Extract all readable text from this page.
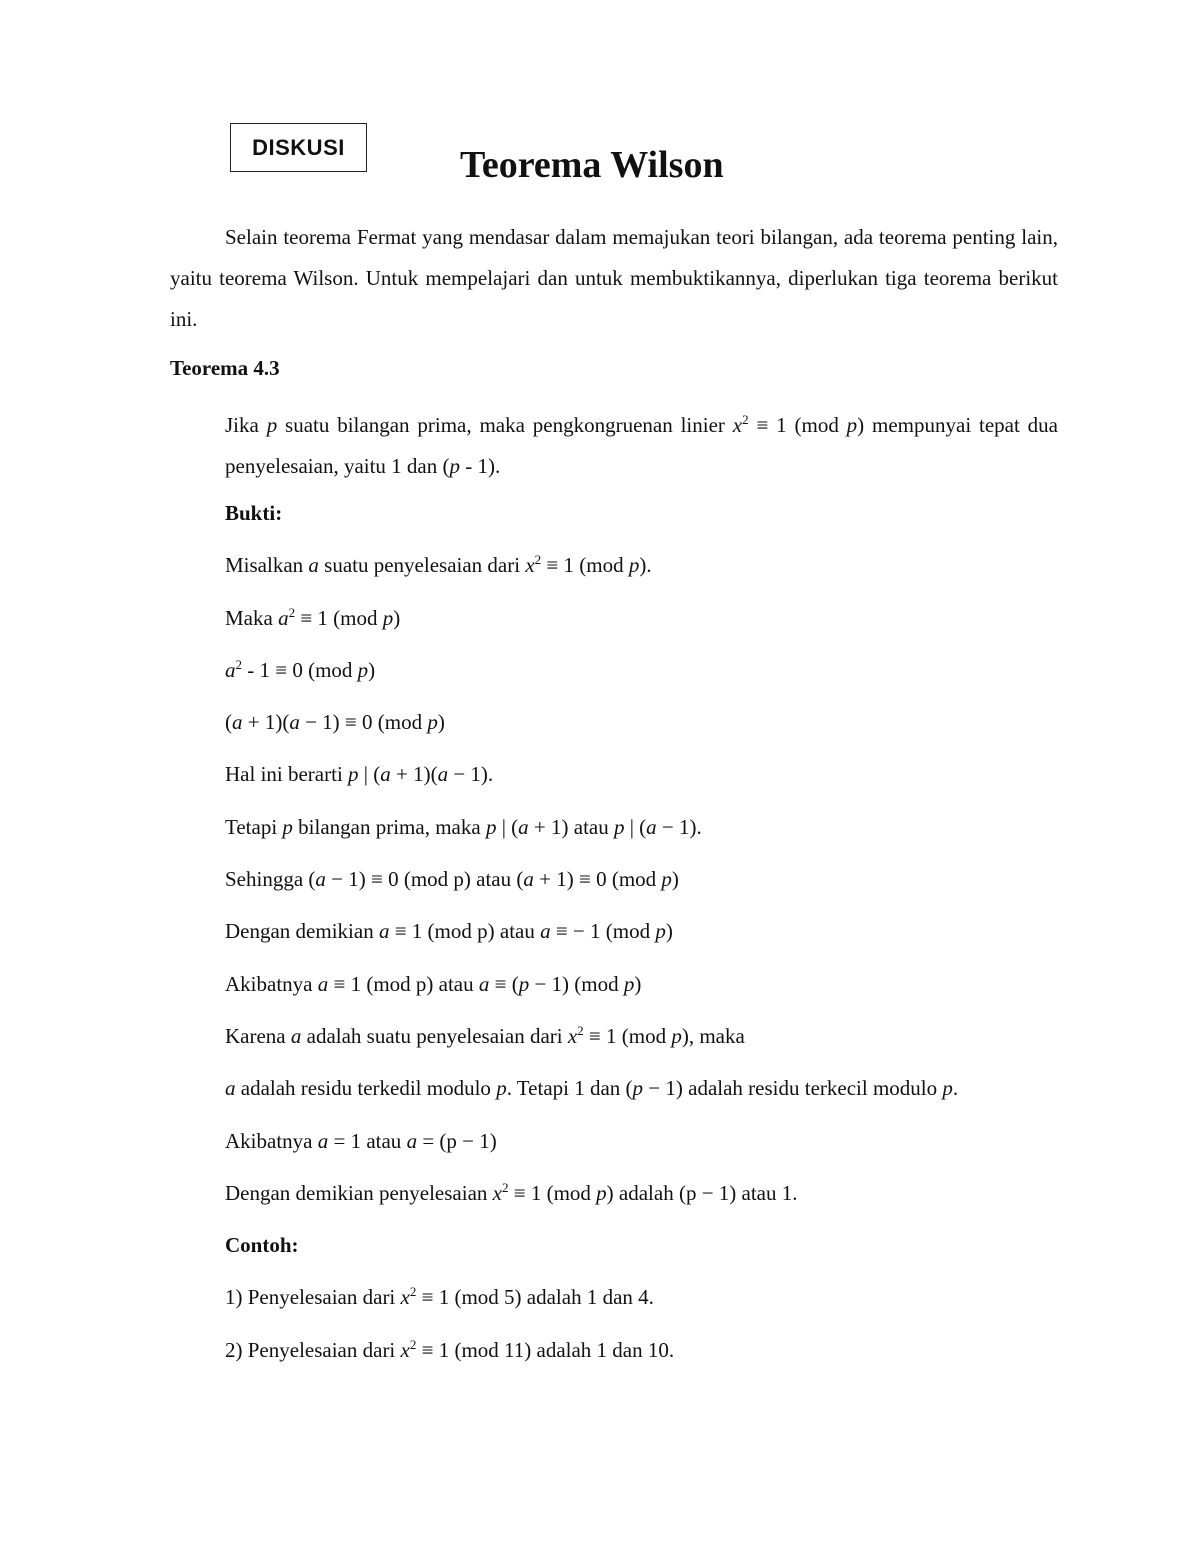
DISKUSI	Teorema Wilson

Selain teorema Fermat yang mendasar dalam memajukan teori bilangan, ada teorema penting lain, yaitu teorema Wilson. Untuk mempelajari dan untuk membuktikannya, diperlukan tiga teorema berikut ini.

Teorema 4.3

Jika p suatu bilangan prima, maka pengkongruenan linier $x^2 \equiv 1$ (mod p) mempunyai tepat dua penyelesaian, yaitu 1 dan (p - 1).

Bukti:
Misalkan a suatu penyelesaian dari $x^2 \equiv 1$ (mod p).
Maka $a^2 \equiv 1$ (mod p)
$a^2 - 1 \equiv 0$ (mod p)
(a + 1)(a − 1) ≡ 0 (mod p)
Hal ini berarti p | (a + 1)(a − 1).
Tetapi p bilangan prima, maka p | (a + 1) atau p | (a − 1).
Sehingga (a − 1) ≡ 0 (mod p) atau (a + 1) ≡ 0 (mod p)
Dengan demikian a ≡ 1 (mod p) atau a ≡ − 1 (mod p)
Akibatnya a ≡ 1 (mod p) atau a ≡ (p − 1) (mod p)
Karena a adalah suatu penyelesaian dari $x^2 \equiv 1$ (mod p), maka
a adalah residu terkedil modulo p. Tetapi 1 dan (p − 1) adalah residu terkecil modulo p.
Akibatnya a = 1 atau a = (p − 1)
Dengan demikian penyelesaian $x^2 \equiv 1$ (mod p) adalah (p − 1) atau 1.
Contoh:
1) Penyelesaian dari $x^2 \equiv 1$ (mod 5) adalah 1 dan 4.
2) Penyelesaian dari $x^2 \equiv 1$ (mod 11) adalah 1 dan 10.
